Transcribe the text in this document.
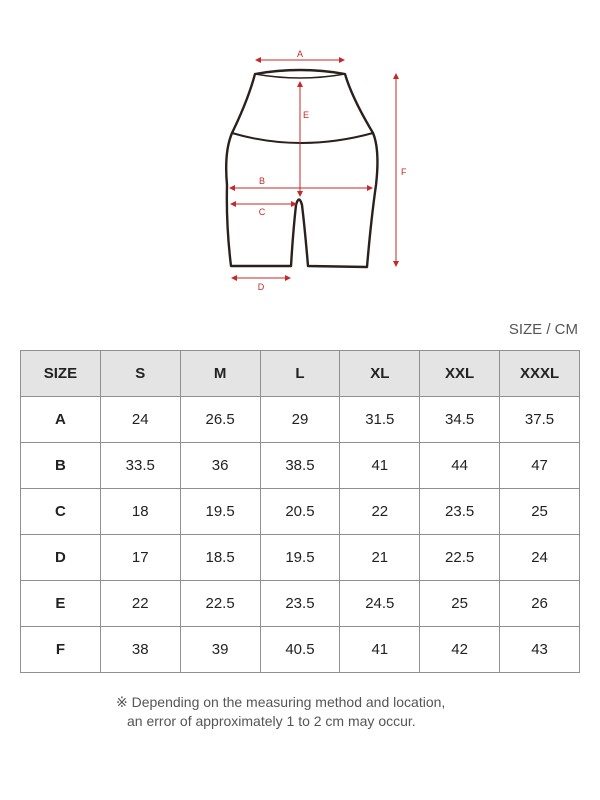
A
E
B
C
D
F
SIZE / CM
SIZE	S	M	L	XL	XXL	XXXL
A	24	26.5	29	31.5	34.5	37.5
B	33.5	36	38.5	41	44	47
C	18	19.5	20.5	22	23.5	25
D	17	18.5	19.5	21	22.5	24
E	22	22.5	23.5	24.5	25	26
F	38	39	40.5	41	42	43
※ Depending on the measuring method and location,
an error of approximately 1 to 2 cm may occur.
